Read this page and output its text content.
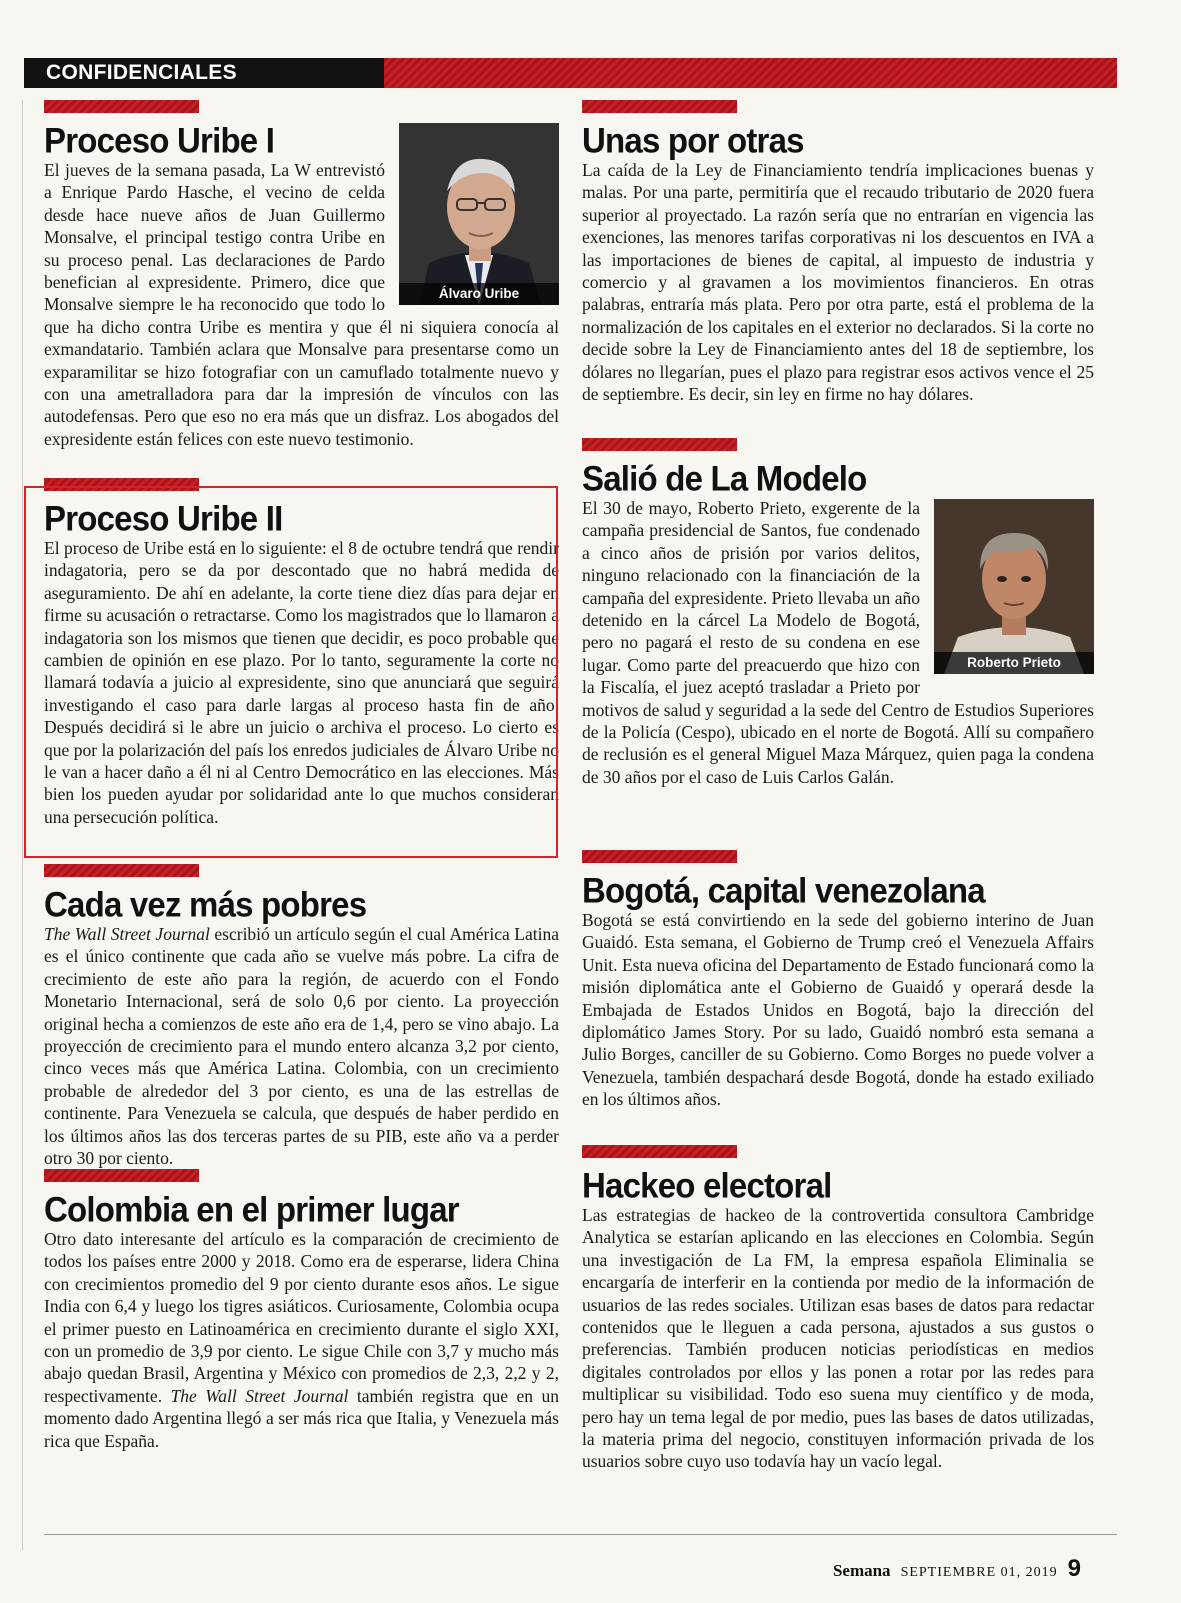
CONFIDENCIALES
Álvaro Uribe
Proceso Uribe I

El jueves de la semana pasada, La W entrevistó a Enrique Pardo Hasche, el vecino de celda desde hace nueve años de Juan Guillermo Monsalve, el principal testigo contra Uribe en su proceso penal. Las declaraciones de Pardo benefician al expresidente. Primero, dice que Monsalve siempre le ha reconocido que todo lo que ha dicho contra Uribe es mentira y que él ni siquiera conocía al exmandatario. También aclara que Monsalve para presentarse como un exparamilitar se hizo fotografiar con un camuflado totalmente nuevo y con una ametralladora para dar la impresión de vínculos con las autodefensas. Pero que eso no era más que un disfraz. Los abogados del expresidente están felices con este nuevo testimonio.

Proceso Uribe II

El proceso de Uribe está en lo siguiente: el 8 de octubre tendrá que rendir indagatoria, pero se da por descontado que no habrá medida de aseguramiento. De ahí en adelante, la corte tiene diez días para dejar en firme su acusación o retractarse. Como los magistrados que lo llamaron a indagatoria son los mismos que tienen que decidir, es poco probable que cambien de opinión en ese plazo. Por lo tanto, seguramente la corte no llamará todavía a juicio al expresidente, sino que anunciará que seguirá investigando el caso para darle largas al proceso hasta fin de año. Después decidirá si le abre un juicio o archiva el proceso. Lo cierto es que por la polarización del país los enredos judiciales de Álvaro Uribe no le van a hacer daño a él ni al Centro Democrático en las elecciones. Más bien los pueden ayudar por solidaridad ante lo que muchos consideran una persecución política.

Cada vez más pobres

The Wall Street Journal escribió un artículo según el cual América Latina es el único continente que cada año se vuelve más pobre. La cifra de crecimiento de este año para la región, de acuerdo con el Fondo Monetario Internacional, será de solo 0,6 por ciento. La proyección original hecha a comienzos de este año era de 1,4, pero se vino abajo. La proyección de crecimiento para el mundo entero alcanza 3,2 por ciento, cinco veces más que América Latina. Colombia, con un crecimiento probable de alrededor del 3 por ciento, es una de las estrellas de continente. Para Venezuela se calcula, que después de haber perdido en los últimos años las dos terceras partes de su PIB, este año va a perder otro 30 por ciento.

Colombia en el primer lugar

Otro dato interesante del artículo es la comparación de crecimiento de todos los países entre 2000 y 2018. Como era de esperarse, lidera China con crecimientos promedio del 9 por ciento durante esos años. Le sigue India con 6,4 y luego los tigres asiáticos. Curiosamente, Colombia ocupa el primer puesto en Latinoamérica en crecimiento durante el siglo XXI, con un promedio de 3,9 por ciento. Le sigue Chile con 3,7 y mucho más abajo quedan Brasil, Argentina y México con promedios de 2,3, 2,2 y 2, respectivamente. The Wall Street Journal también registra que en un momento dado Argentina llegó a ser más rica que Italia, y Venezuela más rica que España.

Unas por otras

La caída de la Ley de Financiamiento tendría implicaciones buenas y malas. Por una parte, permitiría que el recaudo tributario de 2020 fuera superior al proyectado. La razón sería que no entrarían en vigencia las exenciones, las menores tarifas corporativas ni los descuentos en IVA a las importaciones de bienes de capital, al impuesto de industria y comercio y al gravamen a los movimientos financieros. En otras palabras, entraría más plata. Pero por otra parte, está el problema de la normalización de los capitales en el exterior no declarados. Si la corte no decide sobre la Ley de Financiamiento antes del 18 de septiembre, los dólares no llegarían, pues el plazo para registrar esos activos vence el 25 de septiembre. Es decir, sin ley en firme no hay dólares.

Salió de La Modelo
Roberto Prieto

El 30 de mayo, Roberto Prieto, exgerente de la campaña presidencial de Santos, fue condenado a cinco años de prisión por varios delitos, ninguno relacionado con la financiación de la campaña del expresidente. Prieto llevaba un año detenido en la cárcel La Modelo de Bogotá, pero no pagará el resto de su condena en ese lugar. Como parte del preacuerdo que hizo con la Fiscalía, el juez aceptó trasladar a Prieto por motivos de salud y seguridad a la sede del Centro de Estudios Superiores de la Policía (Cespo), ubicado en el norte de Bogotá. Allí su compañero de reclusión es el general Miguel Maza Márquez, quien paga la condena de 30 años por el caso de Luis Carlos Galán.

Bogotá, capital venezolana

Bogotá se está convirtiendo en la sede del gobierno interino de Juan Guaidó. Esta semana, el Gobierno de Trump creó el Venezuela Affairs Unit. Esta nueva oficina del Departamento de Estado funcionará como la misión diplomática ante el Gobierno de Guaidó y operará desde la Embajada de Estados Unidos en Bogotá, bajo la dirección del diplomático James Story. Por su lado, Guaidó nombró esta semana a Julio Borges, canciller de su Gobierno. Como Borges no puede volver a Venezuela, también despachará desde Bogotá, donde ha estado exiliado en los últimos años.

Hackeo electoral

Las estrategias de hackeo de la controvertida consultora Cambridge Analytica se estarían aplicando en las elecciones en Colombia. Según una investigación de La FM, la empresa española Eliminalia se encargaría de interferir en la contienda por medio de la información de usuarios de las redes sociales. Utilizan esas bases de datos para redactar contenidos que le lleguen a cada persona, ajustados a sus gustos o preferencias. También producen noticias periodísticas en medios digitales controlados por ellos y las ponen a rotar por las redes para multiplicar su visibilidad. Todo eso suena muy científico y de moda, pero hay un tema legal de por medio, pues las bases de datos utilizadas, la materia prima del negocio, constituyen información privada de los usuarios sobre cuyo uso todavía hay un vacío legal.

Semana SEPTIEMBRE 01, 2019 9
